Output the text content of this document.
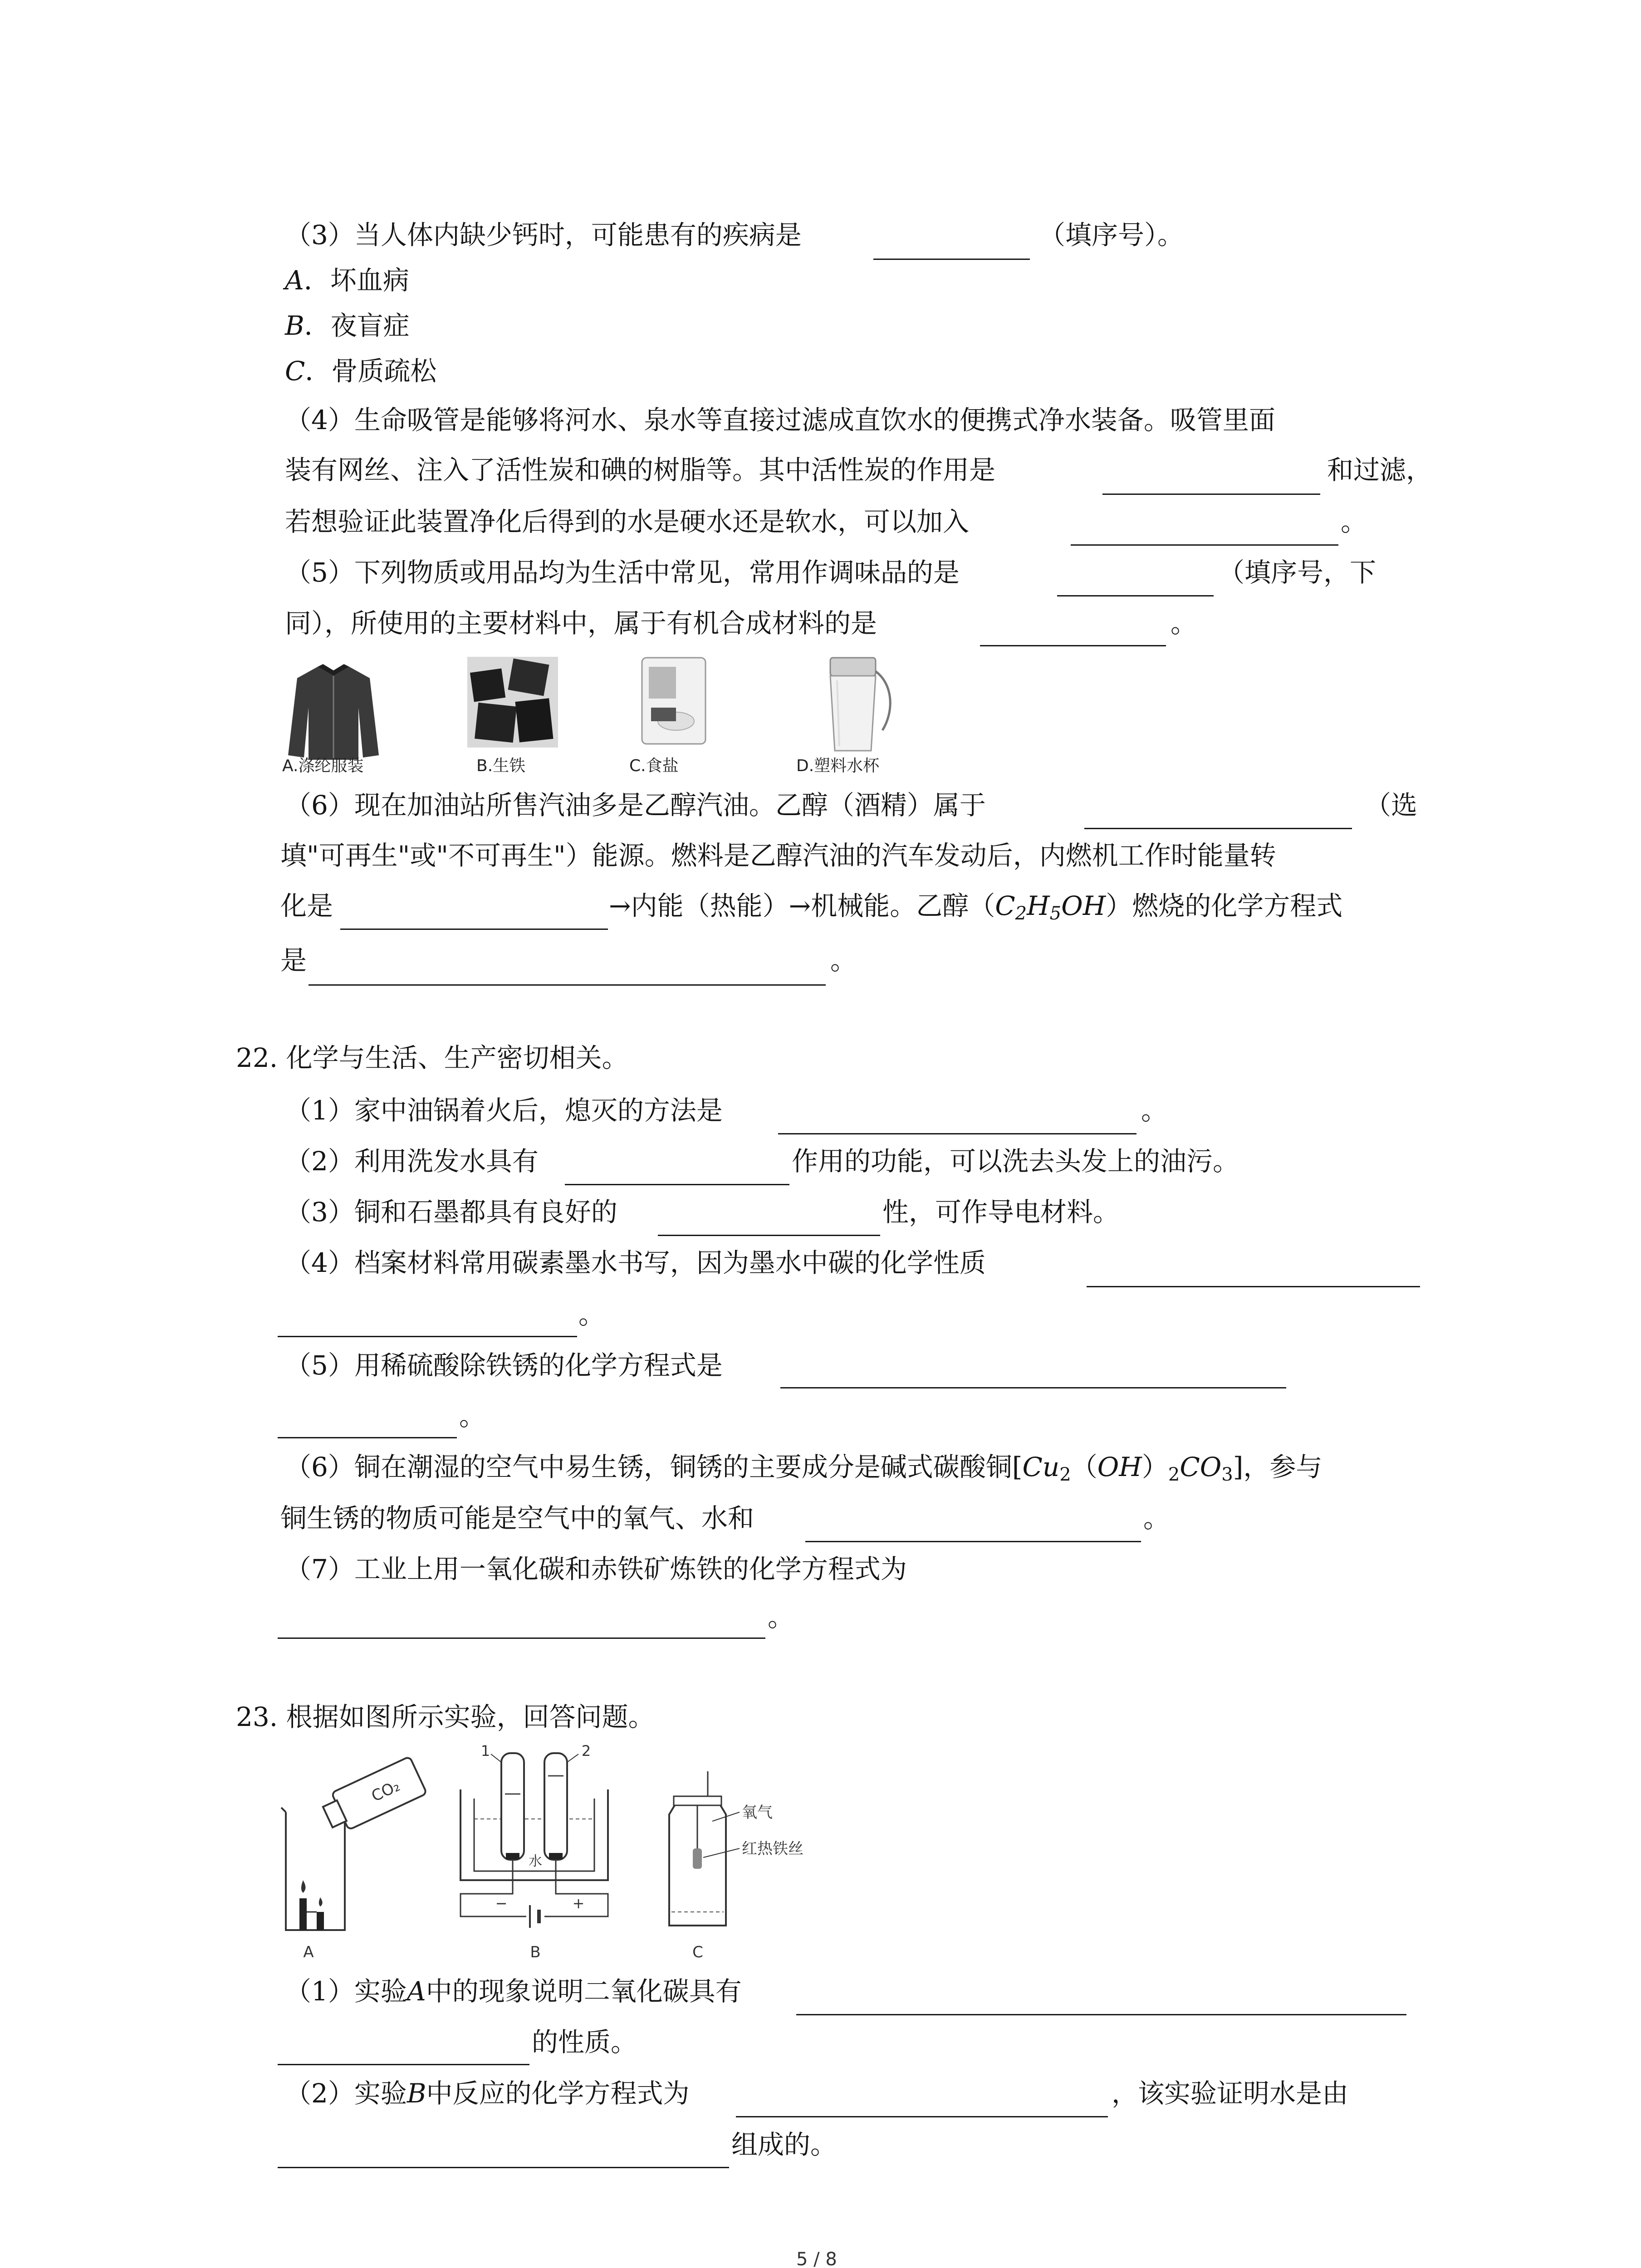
（3）当人体内缺少钙时，可能患有的疾病是	（填序号）。
A．坏血病
B．夜盲症
C．骨质疏松
（4）生命吸管是能够将河水、泉水等直接过滤成直饮水的便携式净水装备。吸管里面
装有网丝、注入了活性炭和碘的树脂等。其中活性炭的作用是	和过滤，
若想验证此装置净化后得到的水是硬水还是软水，可以加入	。
（5）下列物质或用品均为生活中常见，常用作调味品的是	（填序号，下
同），所使用的主要材料中，属于有机合成材料的是	。
A.涤纶服装	B.生铁	C.食盐	D.塑料水杯
（6）现在加油站所售汽油多是乙醇汽油。乙醇（酒精）属于	（选
填"可再生"或"不可再生"）能源。燃料是乙醇汽油的汽车发动后，内燃机工作时能量转
化是	→内能（热能）→机械能。乙醇$(C_2H_5OH)$燃烧的化学方程式
是	。
22. 化学与生活、生产密切相关。
（1）家中油锅着火后，熄灭的方法是	。
（2）利用洗发水具有	作用的功能，可以洗去头发上的油污。
（3）铜和石墨都具有良好的	性，可作导电材料。
（4）档案材料常用碳素墨水书写，因为墨水中碳的化学性质
。
（5）用稀硫酸除铁锈的化学方程式是
。
（6）铜在潮湿的空气中易生锈，铜锈的主要成分是碱式碳酸铜$[Cu_2(OH)_2CO_3]$，参与
铜生锈的物质可能是空气中的氧气、水和	。
（7）工业上用一氧化碳和赤铁矿炼铁的化学方程式为
。
23. 根据如图所示实验，回答问题。
CO₂
A
水
1	2
−	+
B
氧气
红热铁丝
C
（1）实验A中的现象说明二氧化碳具有
的性质。
（2）实验B中反应的化学方程式为	，该实验证明水是由
组成的。
5 / 8
